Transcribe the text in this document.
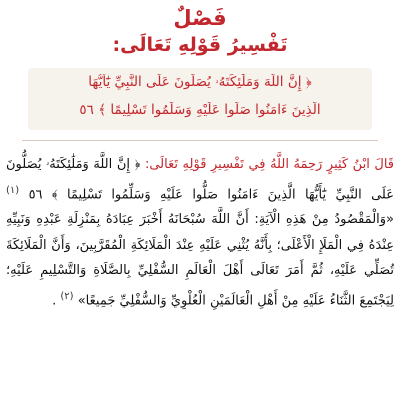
فَصْلٌ
تَفْسِيرُ قَوْلِهِ تَعَالَى:
﴿ إِنَّ اللَّهَ وَمَلَٰئِكَتَهُۥ يُصَلُّونَ عَلَى النَّبِيِّ يَٰٓأَيُّهَا
الَّذِينَ ءَامَنُوا صَلُّوا عَلَيْهِ وَسَلِّمُوا تَسْلِيمًا ﴾ ٥٦

قَالَ ابْنُ كَثِيرٍ رَحِمَهُ اللَّهُ فِي تَفْسِيرِ قَوْلِهِ تَعَالَى: ﴿ إِنَّ اللَّهَ وَمَلَٰئِكَتَهُۥ يُصَلُّونَ عَلَى النَّبِيِّ يَٰٓأَيُّهَا الَّذِينَ ءَامَنُوا صَلُّوا عَلَيْهِ وَسَلِّمُوا تَسْلِيمًا ﴾ ٥٦ $^{(١)}$ «وَالْمَقْصُودُ مِنْ هَذِهِ الْآيَةِ: أَنَّ اللَّهَ سُبْحَانَهُ أَخْبَرَ عِبَادَهُ بِمَنْزِلَةِ عَبْدِهِ وَنَبِيِّهِ عِنْدَهُ فِي الْمَلَإِ الْأَعْلَى؛ بِأَنَّهُ يُثْنِي عَلَيْهِ عِنْدَ الْمَلَائِكَةِ الْمُقَرَّبِينَ، وَأَنَّ الْمَلَائِكَةَ تُصَلِّي عَلَيْهِ، ثُمَّ أَمَرَ تَعَالَى أَهْلَ الْعَالَمِ السُّفْلِيِّ بِالصَّلَاةِ وَالتَّسْلِيمِ عَلَيْهِ؛ لِيَجْتَمِعَ الثَّنَاءُ عَلَيْهِ مِنْ أَهْلِ الْعَالَمَيْنِ الْعُلْوِيِّ وَالسُّفْلِيِّ جَمِيعًا» $^{(٢)}$ .
